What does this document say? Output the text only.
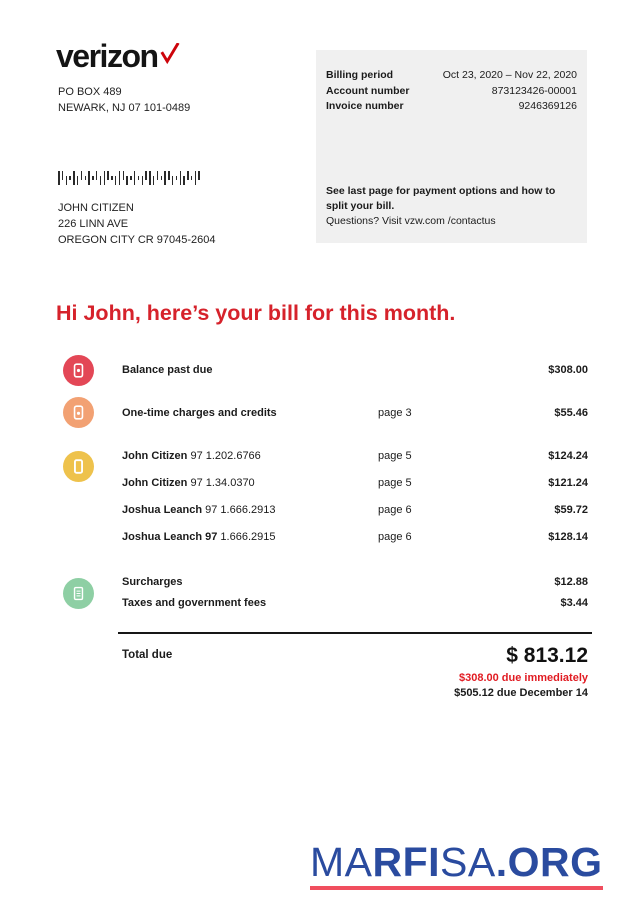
verizon
PO BOX 489
NEWARK, NJ 07 101-0489
Billing period	Oct 23, 2020 – Nov 22, 2020
Account number	873123426-00001
Invoice number	9246369126
See last page for payment options and how to split your bill.
Questions? Visit vzw.com /contactus
JOHN CITIZEN
226 LINN AVE
OREGON CITY CR 97045-2604
Hi John, here’s your bill for this month.
Balance past due	$308.00
One-time charges and credits	page 3	$55.46
John Citizen 97 1.202.6766	page 5	$124.24
John Citizen 97 1.34.0370	page 5	$121.24
Joshua Leanch 97 1.666.2913	page 6	$59.72
Joshua Leanch 97 1.666.2915	page 6	$128.14
Surcharges	$12.88
Taxes and government fees	$3.44
Total due	$ 813.12
$308.00 due immediately
$505.12 due December 14
MARFISA.ORG
